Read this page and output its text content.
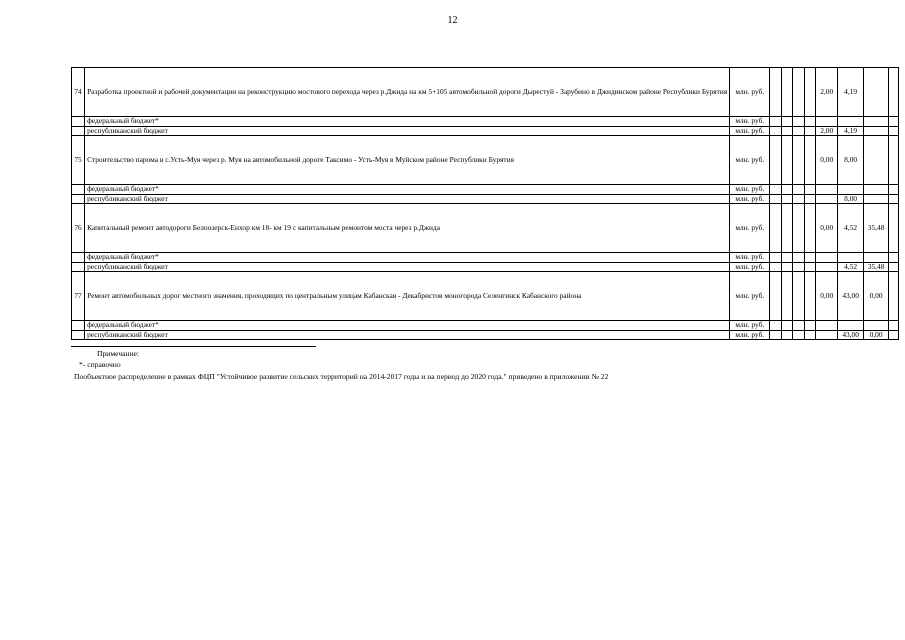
12
74	Разработка проектной и рабочей документации на реконструкцию мостового перехода через р.Джида на км 5+105 автомобильной дороги Дырестуй - Зарубино в Джидинском районе Республики Бурятия	млн. руб.					2,00	4,19		
	федеральный бюджет*	млн. руб.								
	республиканский бюджет	млн. руб.					2,00	4,19		
75	Строительство парома в с.Усть-Муя через р. Муя на автомобильной дороге Таксимо - Усть-Муя в Муйском районе Республики Бурятия	млн. руб.					0,00	8,00		
	федеральный бюджет*	млн. руб.								
	республиканский бюджет	млн. руб.						8,00		
76	Капитальный ремонт автодороги Белоозерск-Енхор км 18- км 19 с капитальным ремонтом моста через р.Джида	млн. руб.					0,00	4,52	35,48	
	федеральный бюджет*	млн. руб.								
	республиканский бюджет	млн. руб.						4,52	35,48	
77	Ремонт автомобильных дорог местного значения, проходящих по центральным улицам Кабанская - Декабристов моногорода Селенгинск Кабанского района	млн. руб.					0,00	43,00	0,00	
	федеральный бюджет*	млн. руб.								
	республиканский бюджет	млн. руб.						43,00	0,00	
Примечание:
*- справочно
Пообъектное распределение в рамках ФЦП "Устойчивое развитие сельских территорий на 2014-2017 годы и на период до 2020 года." приведено в приложении № 22
